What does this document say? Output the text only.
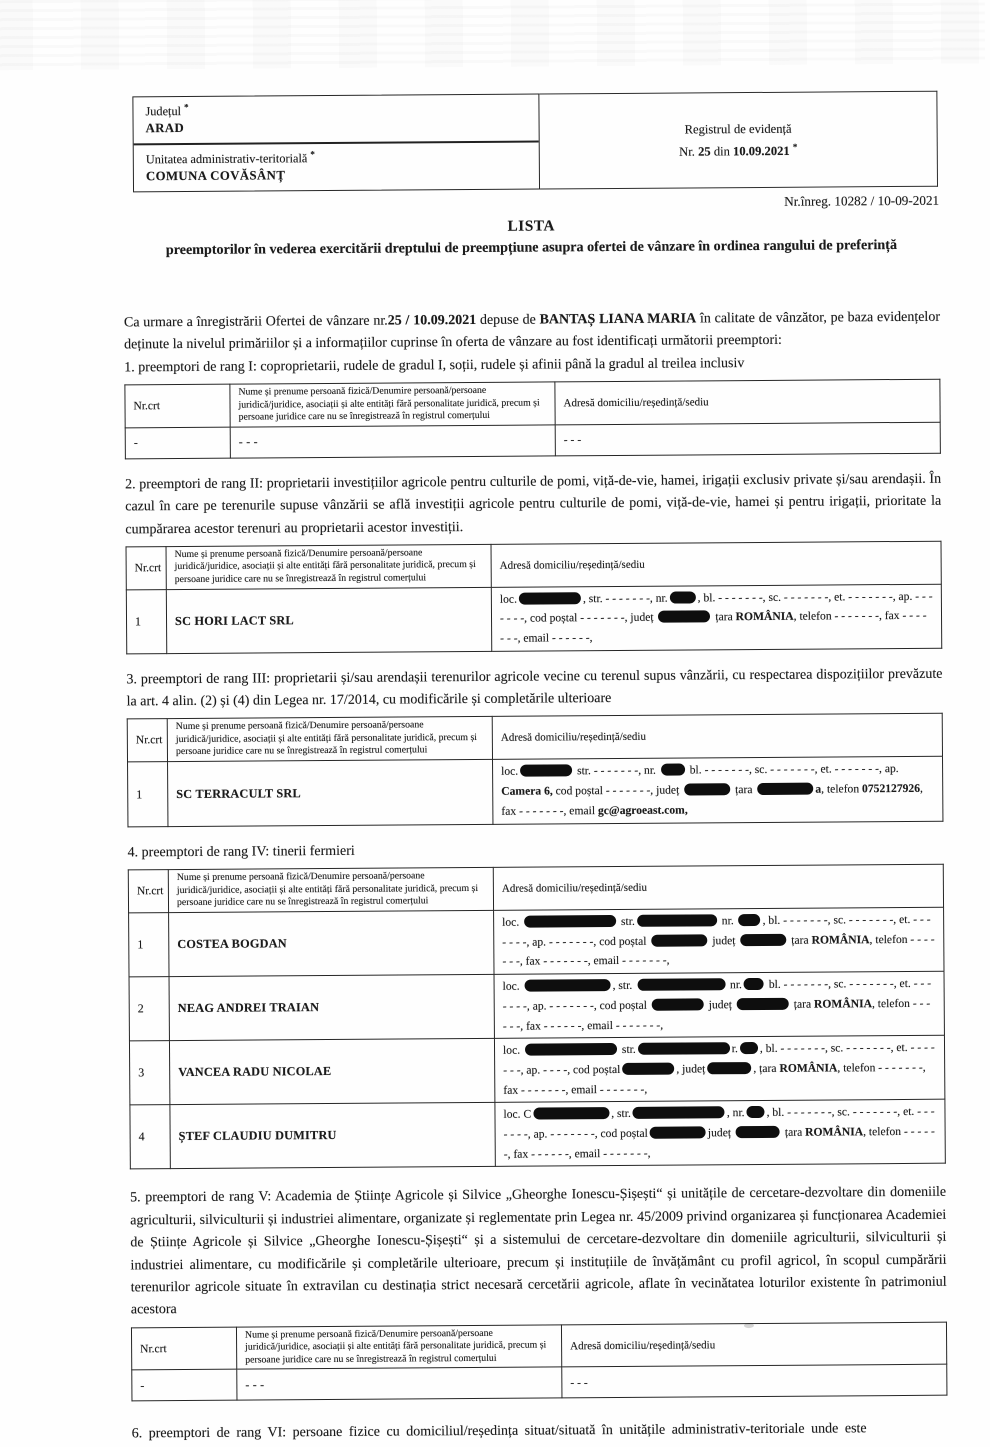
Județul *
ARAD
Unitatea administrativ-teritorială *
COMUNA COVĂSÂNȚ
Registrul de evidență
Nr. 25 din 10.09.2021 *
Nr.înreg. 10282 / 10-09-2021
LISTA
preemptorilor în vederea exercitării dreptului de preempțiune asupra ofertei de vânzare în ordinea rangului de preferință

Ca urmare a înregistrării Ofertei de vânzare nr.25 / 10.09.2021 depuse de BANTAȘ LIANA MARIA în calitate de vânzător, pe baza evidențelor deținute la nivelul primăriilor și a informațiilor cuprinse în oferta de vânzare au fost identificați următorii preemptori:

1. preemptori de rang I: coproprietarii, rudele de gradul I, soții, rudele și afinii până la gradul al treilea inclusiv

Nr.crt	Nume și prenume persoană fizică/Denumire persoană/persoane juridică/juridice, asociații și alte entități fără personalitate juridică, precum și persoane juridice care nu se înregistrează în registrul comerțului	Adresă domiciliu/reședință/sediu
-	- - -	- - -

2. preemptori de rang II: proprietarii investițiilor agricole pentru culturile de pomi, viță-de-vie, hamei, irigații exclusiv private și/sau arendașii. În cazul în care pe terenurile supuse vânzării se află investiții agricole pentru culturile de pomi, viță-de-vie, hamei și pentru irigații, prioritate la cumpărarea acestor terenuri au proprietarii acestor investiții.

Nr.crt	Nume și prenume persoană fizică/Denumire persoană/persoane juridică/juridice, asociații și alte entități fără personalitate juridică, precum și persoane juridice care nu se înregistrează în registrul comerțului	Adresă domiciliu/reședință/sediu
1	SC HORI LACT SRL	loc. , str. - - - - - - -, nr. , bl. - - - - - - -, sc. - - - - - - -, et. - - - - - - -, ap. - - - - - - -, cod poștal - - - - - - -, județ țara ROMÂNIA, telefon - - - - - - -, fax - - - - - - -, email - - - - - -,

3. preemptori de rang III: proprietarii și/sau arendașii terenurilor agricole vecine cu terenul supus vânzării, cu respectarea dispozițiilor prevăzute la art. 4 alin. (2) și (4) din Legea nr. 17/2014, cu modificările și completările ulterioare

Nr.crt	Nume și prenume persoană fizică/Denumire persoană/persoane juridică/juridice, asociații și alte entități fără personalitate juridică, precum și persoane juridice care nu se înregistrează în registrul comerțului	Adresă domiciliu/reședință/sediu
1	SC TERRACULT SRL	loc. str. - - - - - - -, nr.  bl. - - - - - - -, sc. - - - - - - -, et. - - - - - - -, ap. Camera 6, cod poștal - - - - - - -, județ țara a, telefon 0752127926, fax - - - - - - -, email gc@agroeast.com,

4. preemptori de rang IV: tinerii fermieri

Nr.crt	Nume și prenume persoană fizică/Denumire persoană/persoane juridică/juridice, asociații și alte entități fără personalitate juridică, precum și persoane juridice care nu se înregistrează în registrul comerțului	Adresă domiciliu/reședință/sediu
1	COSTEA BOGDAN	loc. str. nr. , bl. - - - - - - -, sc. - - - - - - -, et. - - - - - - -, ap. - - - - - - -, cod poștal județ țara ROMÂNIA, telefon - - - - - - -, fax - - - - - - -, email - - - - - - -,
2	NEAG ANDREI TRAIAN	loc. , str. nr. bl. - - - - - - -, sc. - - - - - - -, et. - - - - - - -, ap. - - - - - - -, cod poștal județ țara ROMÂNIA, telefon - - - - - -, fax - - - - - -, email - - - - - - -,
3	VANCEA RADU NICOLAE	loc. str. r. , bl. - - - - - - -, sc. - - - - - - -, et. - - - - - - -, ap. - - - -, cod poștal , județ , țara ROMÂNIA, telefon - - - - - - -, fax - - - - - - -, email - - - - - - -,
4	ȘTEF CLAUDIU DUMITRU	loc. C , str. , nr. , bl. - - - - - - -, sc. - - - - - - -, et. - - - - - - -, ap. - - - - - - -, cod poștal județ țara ROMÂNIA, telefon - - - - - -, fax - - - - - -, email - - - - - - -,

5. preemptori de rang V: Academia de Științe Agricole și Silvice „Gheorghe Ionescu-Șișești“ și unitățile de cercetare-dezvoltare din domeniile agriculturii, silviculturii și industriei alimentare, organizate și reglementate prin Legea nr. 45/2009 privind organizarea și funcționarea Academiei de Științe Agricole și Silvice „Gheorghe Ionescu-Șișești“ și a sistemului de cercetare-dezvoltare din domeniile agriculturii, silviculturii și industriei alimentare, cu modificările și completările ulterioare, precum și instituțiile de învățământ cu profil agricol, în scopul cumpărării terenurilor agricole situate în extravilan cu destinația strict necesară cercetării agricole, aflate în vecinătatea loturilor existente în patrimoniul acestora

Nr.crt	Nume și prenume persoană fizică/Denumire persoană/persoane juridică/juridice, asociații și alte entități fără personalitate juridică, precum și persoane juridice care nu se înregistrează în registrul comerțului	Adresă domiciliu/reședință/sediu
-	- - -	- - -

6. preemptori de rang VI: persoane fizice cu domiciliul/reședința situat/situată în unitățile administrativ-teritoriale unde este
